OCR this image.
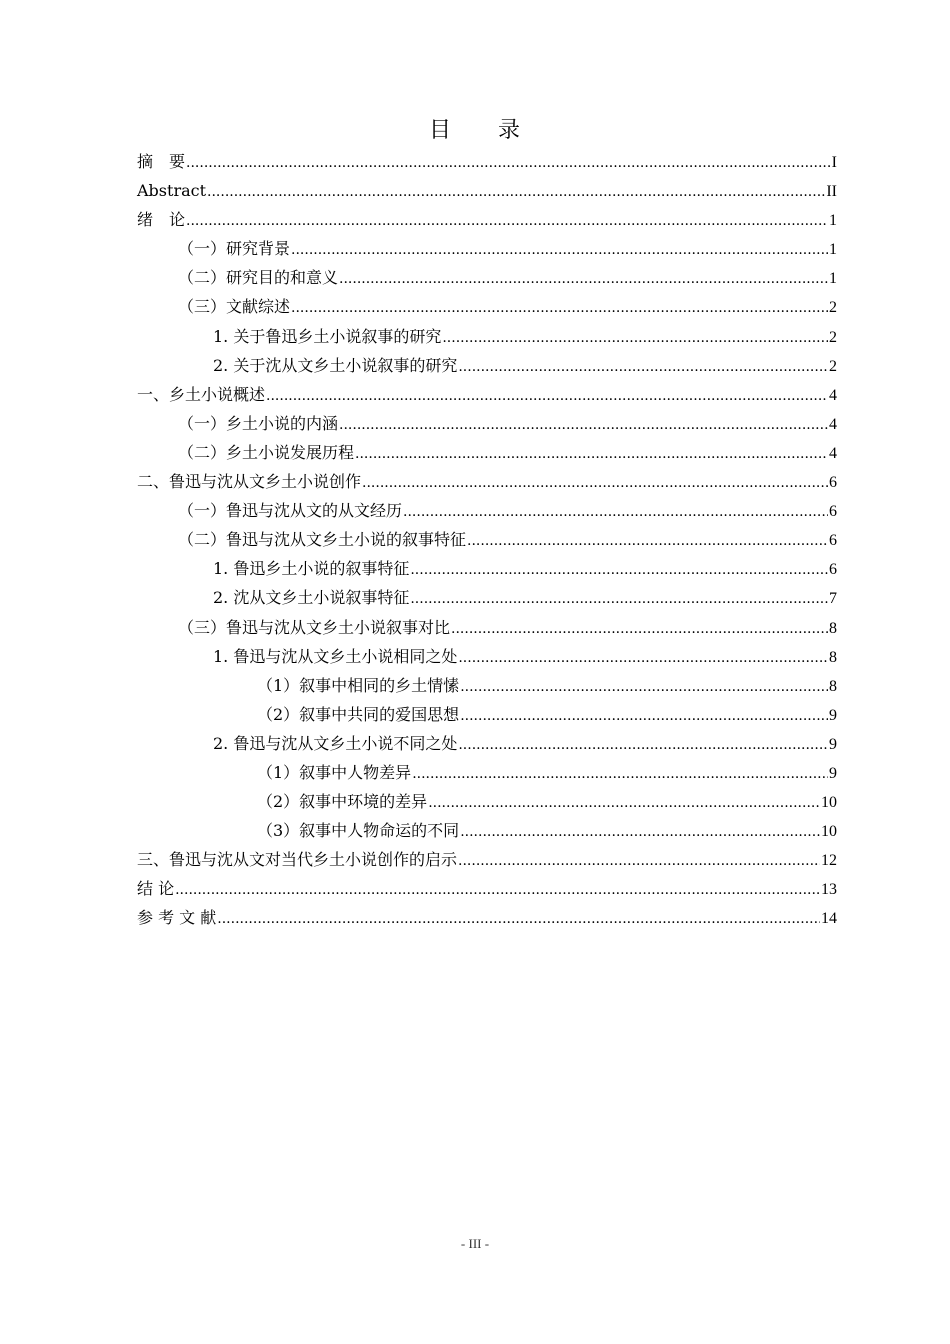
目　　录
摘　要 .....	I
Abstract .....	II
绪　论 .....	1
（一）研究背景 .....	1
（二）研究目的和意义 .....	1
（三）文献综述 .....	2
1. 关于鲁迅乡土小说叙事的研究 .....	2
2. 关于沈从文乡土小说叙事的研究 .....	2
一、乡土小说概述 .....	4
（一）乡土小说的内涵 .....	4
（二）乡土小说发展历程 .....	4
二、鲁迅与沈从文乡土小说创作 .....	6
（一）鲁迅与沈从文的从文经历 .....	6
（二）鲁迅与沈从文乡土小说的叙事特征 .....	6
1. 鲁迅乡土小说的叙事特征 .....	6
2. 沈从文乡土小说叙事特征 .....	7
（三）鲁迅与沈从文乡土小说叙事对比 .....	8
1. 鲁迅与沈从文乡土小说相同之处 .....	8
（1）叙事中相同的乡土情愫 .....	8
（2）叙事中共同的爱国思想 .....	9
2. 鲁迅与沈从文乡土小说不同之处 .....	9
（1）叙事中人物差异 .....	9
（2）叙事中环境的差异 .....	10
（3）叙事中人物命运的不同 .....	10
三、鲁迅与沈从文对当代乡土小说创作的启示 .....	12
结 论 .....	13
参 考 文 献 .....	14
- III -
